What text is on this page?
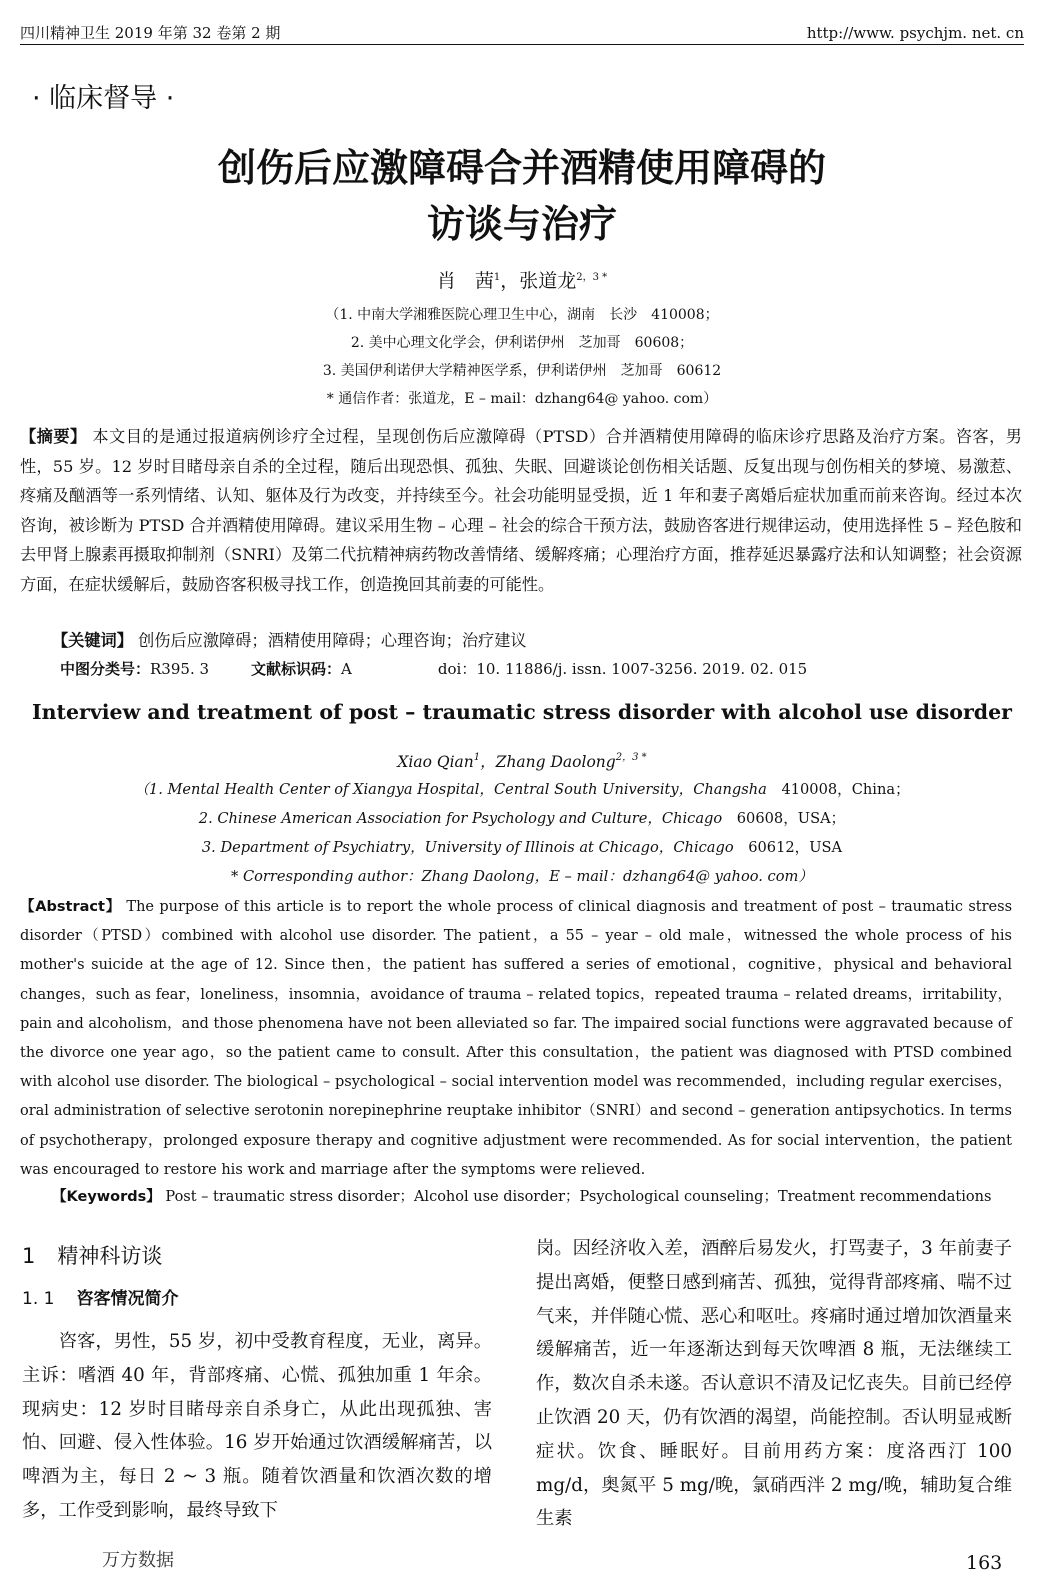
四川精神卫生 2019 年第 32 卷第 2 期	http://www. psychjm. net. cn
· 临床督导 ·
创伤后应激障碍合并酒精使用障碍的
访谈与治疗
肖　茜$^1$，张道龙$^{2,3 *}$
（1. 中南大学湘雅医院心理卫生中心，湖南　长沙　410008；
2. 美中心理文化学会，伊利诺伊州　芝加哥　60608；
3. 美国伊利诺伊大学精神医学系，伊利诺伊州　芝加哥　60612
* 通信作者：张道龙，E – mail：dzhang64@ yahoo. com）
【摘要】 本文目的是通过报道病例诊疗全过程，呈现创伤后应激障碍（PTSD）合并酒精使用障碍的临床诊疗思路及治疗方案。咨客，男性，55 岁。12 岁时目睹母亲自杀的全过程，随后出现恐惧、孤独、失眠、回避谈论创伤相关话题、反复出现与创伤相关的梦境、易激惹、疼痛及酗酒等一系列情绪、认知、躯体及行为改变，并持续至今。社会功能明显受损，近 1 年和妻子离婚后症状加重而前来咨询。经过本次咨询，被诊断为 PTSD 合并酒精使用障碍。建议采用生物 – 心理 – 社会的综合干预方法，鼓励咨客进行规律运动，使用选择性 5 – 羟色胺和去甲肾上腺素再摄取抑制剂（SNRI）及第二代抗精神病药物改善情绪、缓解疼痛；心理治疗方面，推荐延迟暴露疗法和认知调整；社会资源方面，在症状缓解后，鼓励咨客积极寻找工作，创造挽回其前妻的可能性。
【关键词】 创伤后应激障碍；酒精使用障碍；心理咨询；治疗建议
中图分类号：R395. 3	文献标识码：A	doi：10. 11886/j. issn. 1007-3256. 2019. 02. 015
Interview and treatment of post – traumatic stress disorder with alcohol use disorder
Xiao Qian$^1$，Zhang Daolong$^{2,3 *}$
（1. Mental Health Center of Xiangya Hospital，Central South University，Changsha　410008，China；
2. Chinese American Association for Psychology and Culture，Chicago　60608，USA；
3. Department of Psychiatry，University of Illinois at Chicago，Chicago　60612，USA
* Corresponding author：Zhang Daolong，E – mail：dzhang64@ yahoo. com）
【Abstract】 The purpose of this article is to report the whole process of clinical diagnosis and treatment of post – traumatic stress disorder（PTSD）combined with alcohol use disorder. The patient，a 55 – year – old male，witnessed the whole process of his mother's suicide at the age of 12. Since then，the patient has suffered a series of emotional，cognitive，physical and behavioral changes，such as fear，loneliness，insomnia，avoidance of trauma – related topics，repeated trauma – related dreams，irritability，pain and alcoholism，and those phenomena have not been alleviated so far. The impaired social functions were aggravated because of the divorce one year ago，so the patient came to consult. After this consultation，the patient was diagnosed with PTSD combined with alcohol use disorder. The biological – psychological – social intervention model was recommended，including regular exercises，oral administration of selective serotonin norepinephrine reuptake inhibitor（SNRI）and second – generation antipsychotics. In terms of psychotherapy，prolonged exposure therapy and cognitive adjustment were recommended. As for social intervention，the patient was encouraged to restore his work and marriage after the symptoms were relieved.
【Keywords】 Post – traumatic stress disorder；Alcohol use disorder；Psychological counseling；Treatment recommendations
1 精神科访谈
1. 1 咨客情况简介
咨客，男性，55 岁，初中受教育程度，无业，离异。主诉：嗜酒 40 年，背部疼痛、心慌、孤独加重 1 年余。现病史：12 岁时目睹母亲自杀身亡，从此出现孤独、害怕、回避、侵入性体验。16 岁开始通过饮酒缓解痛苦，以啤酒为主，每日 2 ~ 3 瓶。随着饮酒量和饮酒次数的增多，工作受到影响，最终导致下
岗。因经济收入差，酒醉后易发火，打骂妻子，3 年前妻子提出离婚，便整日感到痛苦、孤独，觉得背部疼痛、喘不过气来，并伴随心慌、恶心和呕吐。疼痛时通过增加饮酒量来缓解痛苦，近一年逐渐达到每天饮啤酒 8 瓶，无法继续工作，数次自杀未遂。否认意识不清及记忆丧失。目前已经停止饮酒 20 天，仍有饮酒的渴望，尚能控制。否认明显戒断症状。饮食、睡眠好。目前用药方案：度洛西汀 100 mg/d，奥氮平 5 mg/晚，氯硝西泮 2 mg/晚，辅助复合维生素
万方数据	163
